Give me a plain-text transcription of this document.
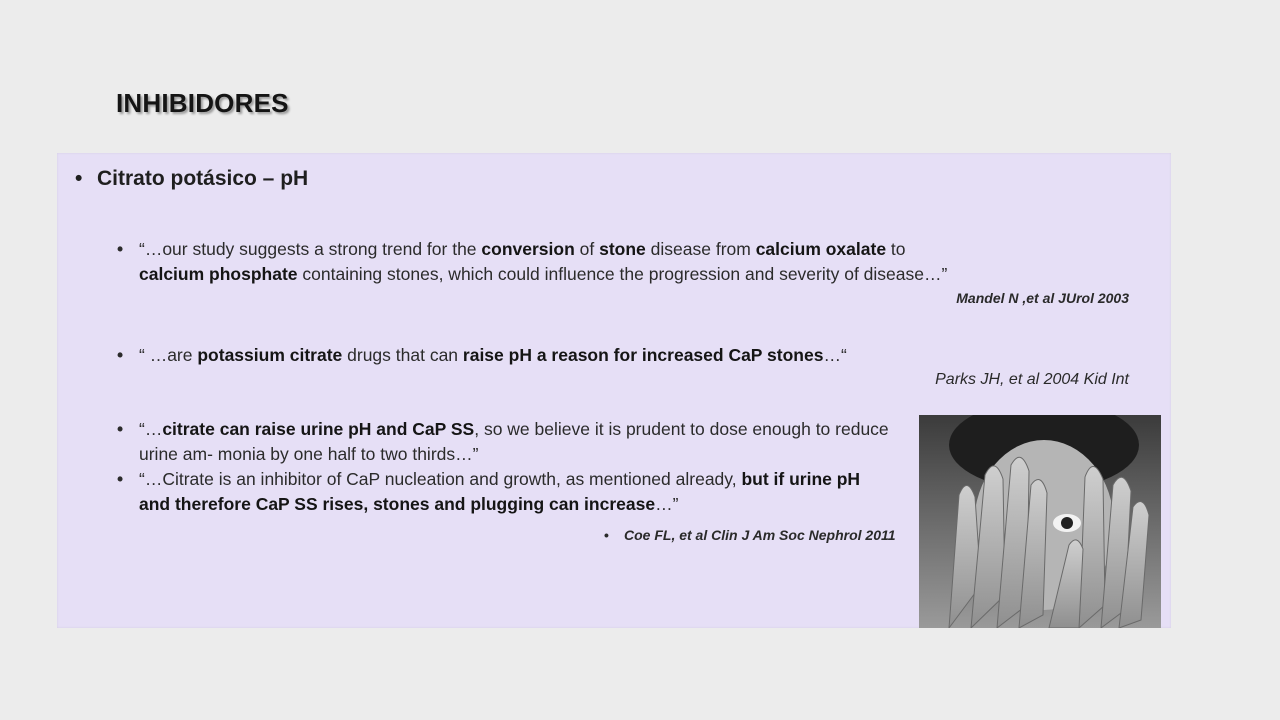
INHIBIDORES
• Citrato potásico – pH
• “…our study suggests a strong trend for the conversion of stone disease from calcium oxalate to
calcium phosphate containing stones, which could influence the progression and severity of disease…”
Mandel N ,et al JUrol 2003
• “ …are potassium citrate drugs that can raise pH a reason for increased CaP stones…“
Parks JH, et al 2004 Kid Int
• “…citrate can raise urine pH and CaP SS, so we believe it is prudent to dose enough to reduce urine am- monia by one half to two thirds…”
• “…Citrate is an inhibitor of CaP nucleation and growth, as mentioned already, but if urine pH and therefore CaP SS rises, stones and plugging can increase…”
• Coe FL, et al Clin J Am Soc Nephrol 2011
